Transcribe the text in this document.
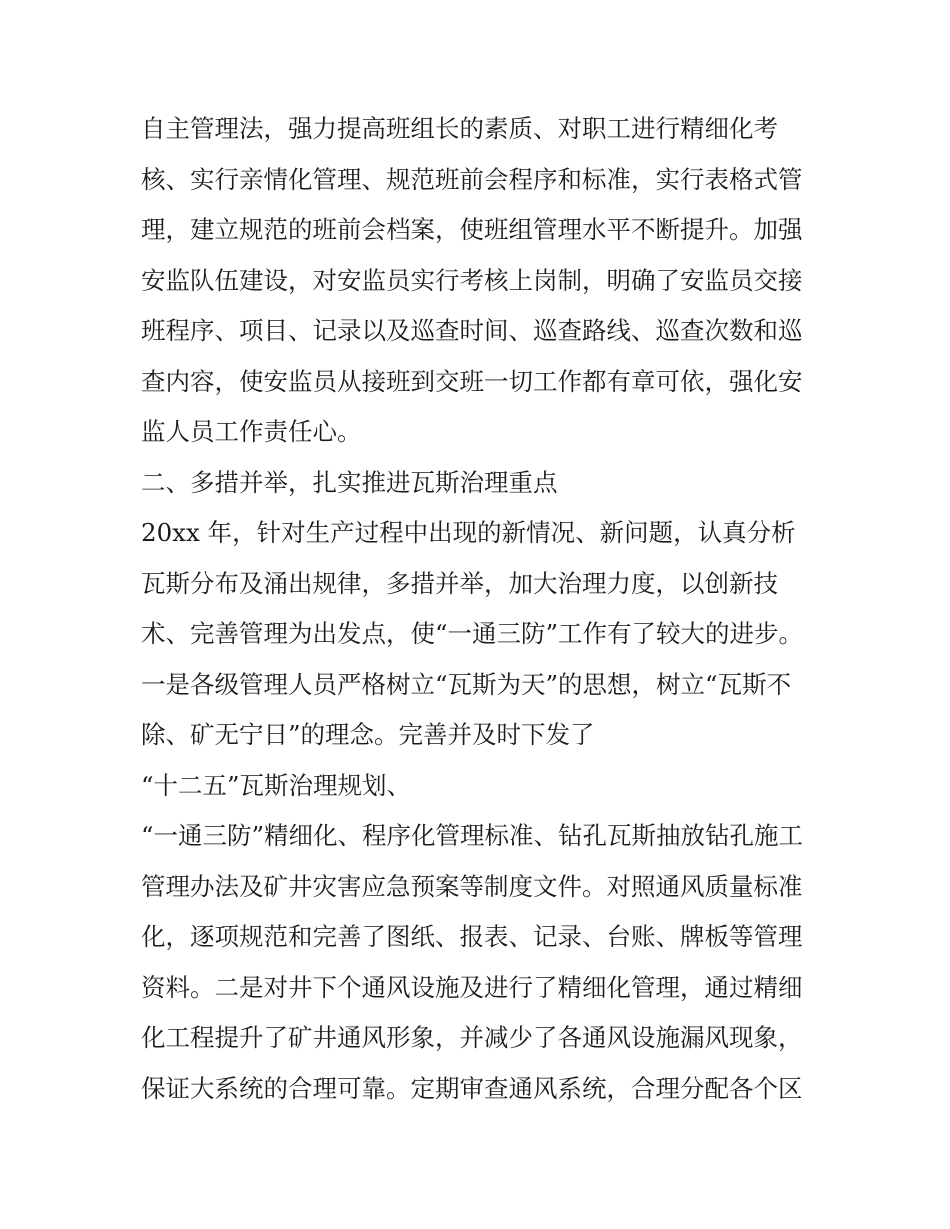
自主管理法，强力提高班组长的素质、对职工进行精细化考
核、实行亲情化管理、规范班前会程序和标准，实行表格式管
理，建立规范的班前会档案，使班组管理水平不断提升。加强
安监队伍建设，对安监员实行考核上岗制，明确了安监员交接
班程序、项目、记录以及巡查时间、巡查路线、巡查次数和巡
查内容，使安监员从接班到交班一切工作都有章可依，强化安
监人员工作责任心。
二、多措并举，扎实推进瓦斯治理重点
20xx 年，针对生产过程中出现的新情况、新问题，认真分析
瓦斯分布及涌出规律，多措并举，加大治理力度，以创新技
术、完善管理为出发点，使“一通三防”工作有了较大的进步。
一是各级管理人员严格树立“瓦斯为天”的思想，树立“瓦斯不
除、矿无宁日”的理念。完善并及时下发了
“十二五”瓦斯治理规划、
“一通三防”精细化、程序化管理标准、钻孔瓦斯抽放钻孔施工
管理办法及矿井灾害应急预案等制度文件。对照通风质量标准
化，逐项规范和完善了图纸、报表、记录、台账、牌板等管理
资料。二是对井下个通风设施及进行了精细化管理，通过精细
化工程提升了矿井通风形象，并减少了各通风设施漏风现象，
保证大系统的合理可靠。定期审查通风系统，合理分配各个区
